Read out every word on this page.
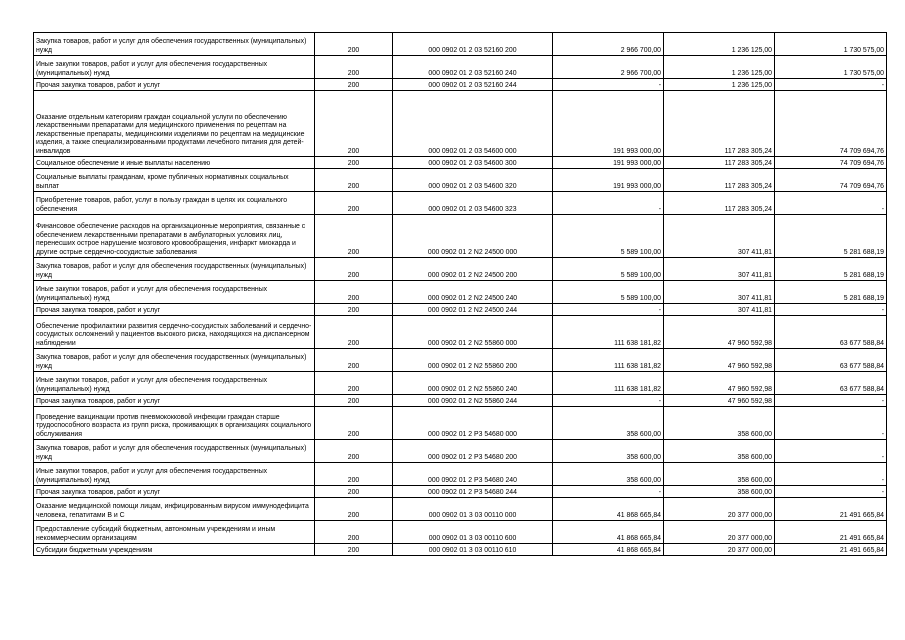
Закупка товаров, работ и услуг для обеспечения государственных (муниципальных) нужд	200	000 0902 01 2 03 52160 200	2 966 700,00	1 236 125,00	1 730 575,00
Иные закупки товаров, работ и услуг для обеспечения государственных (муниципальных) нужд	200	000 0902 01 2 03 52160 240	2 966 700,00	1 236 125,00	1 730 575,00
Прочая закупка товаров, работ и услуг	200	000 0902 01 2 03 52160 244	-	1 236 125,00	-
Оказание отдельным категориям граждан социальной услуги по обеспечению лекарственными препаратами для медицинского применения по рецептам на лекарственные препараты, медицинскими изделиями по рецептам на медицинские изделия, а также специализированными продуктами лечебного питания для детей-инвалидов	200	000 0902 01 2 03 54600 000	191 993 000,00	117 283 305,24	74 709 694,76
Социальное обеспечение и иные выплаты населению	200	000 0902 01 2 03 54600 300	191 993 000,00	117 283 305,24	74 709 694,76
Социальные выплаты гражданам, кроме публичных нормативных социальных выплат	200	000 0902 01 2 03 54600 320	191 993 000,00	117 283 305,24	74 709 694,76
Приобретение товаров, работ, услуг в пользу граждан в целях их социального обеспечения	200	000 0902 01 2 03 54600 323	-	117 283 305,24	-
Финансовое обеспечение расходов на организационные мероприятия, связанные с обеспечением лекарственными препаратами в амбулаторных условиях лиц, перенесших острое нарушение мозгового кровообращения, инфаркт миокарда и другие острые сердечно-сосудистые заболевания	200	000 0902 01 2 N2 24500 000	5 589 100,00	307 411,81	5 281 688,19
Закупка товаров, работ и услуг для обеспечения государственных (муниципальных) нужд	200	000 0902 01 2 N2 24500 200	5 589 100,00	307 411,81	5 281 688,19
Иные закупки товаров, работ и услуг для обеспечения государственных (муниципальных) нужд	200	000 0902 01 2 N2 24500 240	5 589 100,00	307 411,81	5 281 688,19
Прочая закупка товаров, работ и услуг	200	000 0902 01 2 N2 24500 244	-	307 411,81	-
Обеспечение профилактики развития сердечно-сосудистых заболеваний и сердечно-сосудистых осложнений у пациентов высокого риска, находящихся на диспансерном наблюдении	200	000 0902 01 2 N2 55860 000	111 638 181,82	47 960 592,98	63 677 588,84
Закупка товаров, работ и услуг для обеспечения государственных (муниципальных) нужд	200	000 0902 01 2 N2 55860 200	111 638 181,82	47 960 592,98	63 677 588,84
Иные закупки товаров, работ и услуг для обеспечения государственных (муниципальных) нужд	200	000 0902 01 2 N2 55860 240	111 638 181,82	47 960 592,98	63 677 588,84
Прочая закупка товаров, работ и услуг	200	000 0902 01 2 N2 55860 244	-	47 960 592,98	-
Проведение вакцинации против пневмококковой инфекции граждан старше трудоспособного возраста из групп риска, проживающих в организациях социального обслуживания	200	000 0902 01 2 P3 54680 000	358 600,00	358 600,00	-
Закупка товаров, работ и услуг для обеспечения государственных (муниципальных) нужд	200	000 0902 01 2 P3 54680 200	358 600,00	358 600,00	-
Иные закупки товаров, работ и услуг для обеспечения государственных (муниципальных) нужд	200	000 0902 01 2 P3 54680 240	358 600,00	358 600,00	-
Прочая закупка товаров, работ и услуг	200	000 0902 01 2 P3 54680 244	-	358 600,00	-
Оказание медицинской помощи лицам, инфицированным вирусом иммунодефицита человека, гепатитами B и C	200	000 0902 01 3 03 00110 000	41 868 665,84	20 377 000,00	21 491 665,84
Предоставление субсидий бюджетным, автономным учреждениям и иным некоммерческим организациям	200	000 0902 01 3 03 00110 600	41 868 665,84	20 377 000,00	21 491 665,84
Субсидии бюджетным учреждениям	200	000 0902 01 3 03 00110 610	41 868 665,84	20 377 000,00	21 491 665,84
